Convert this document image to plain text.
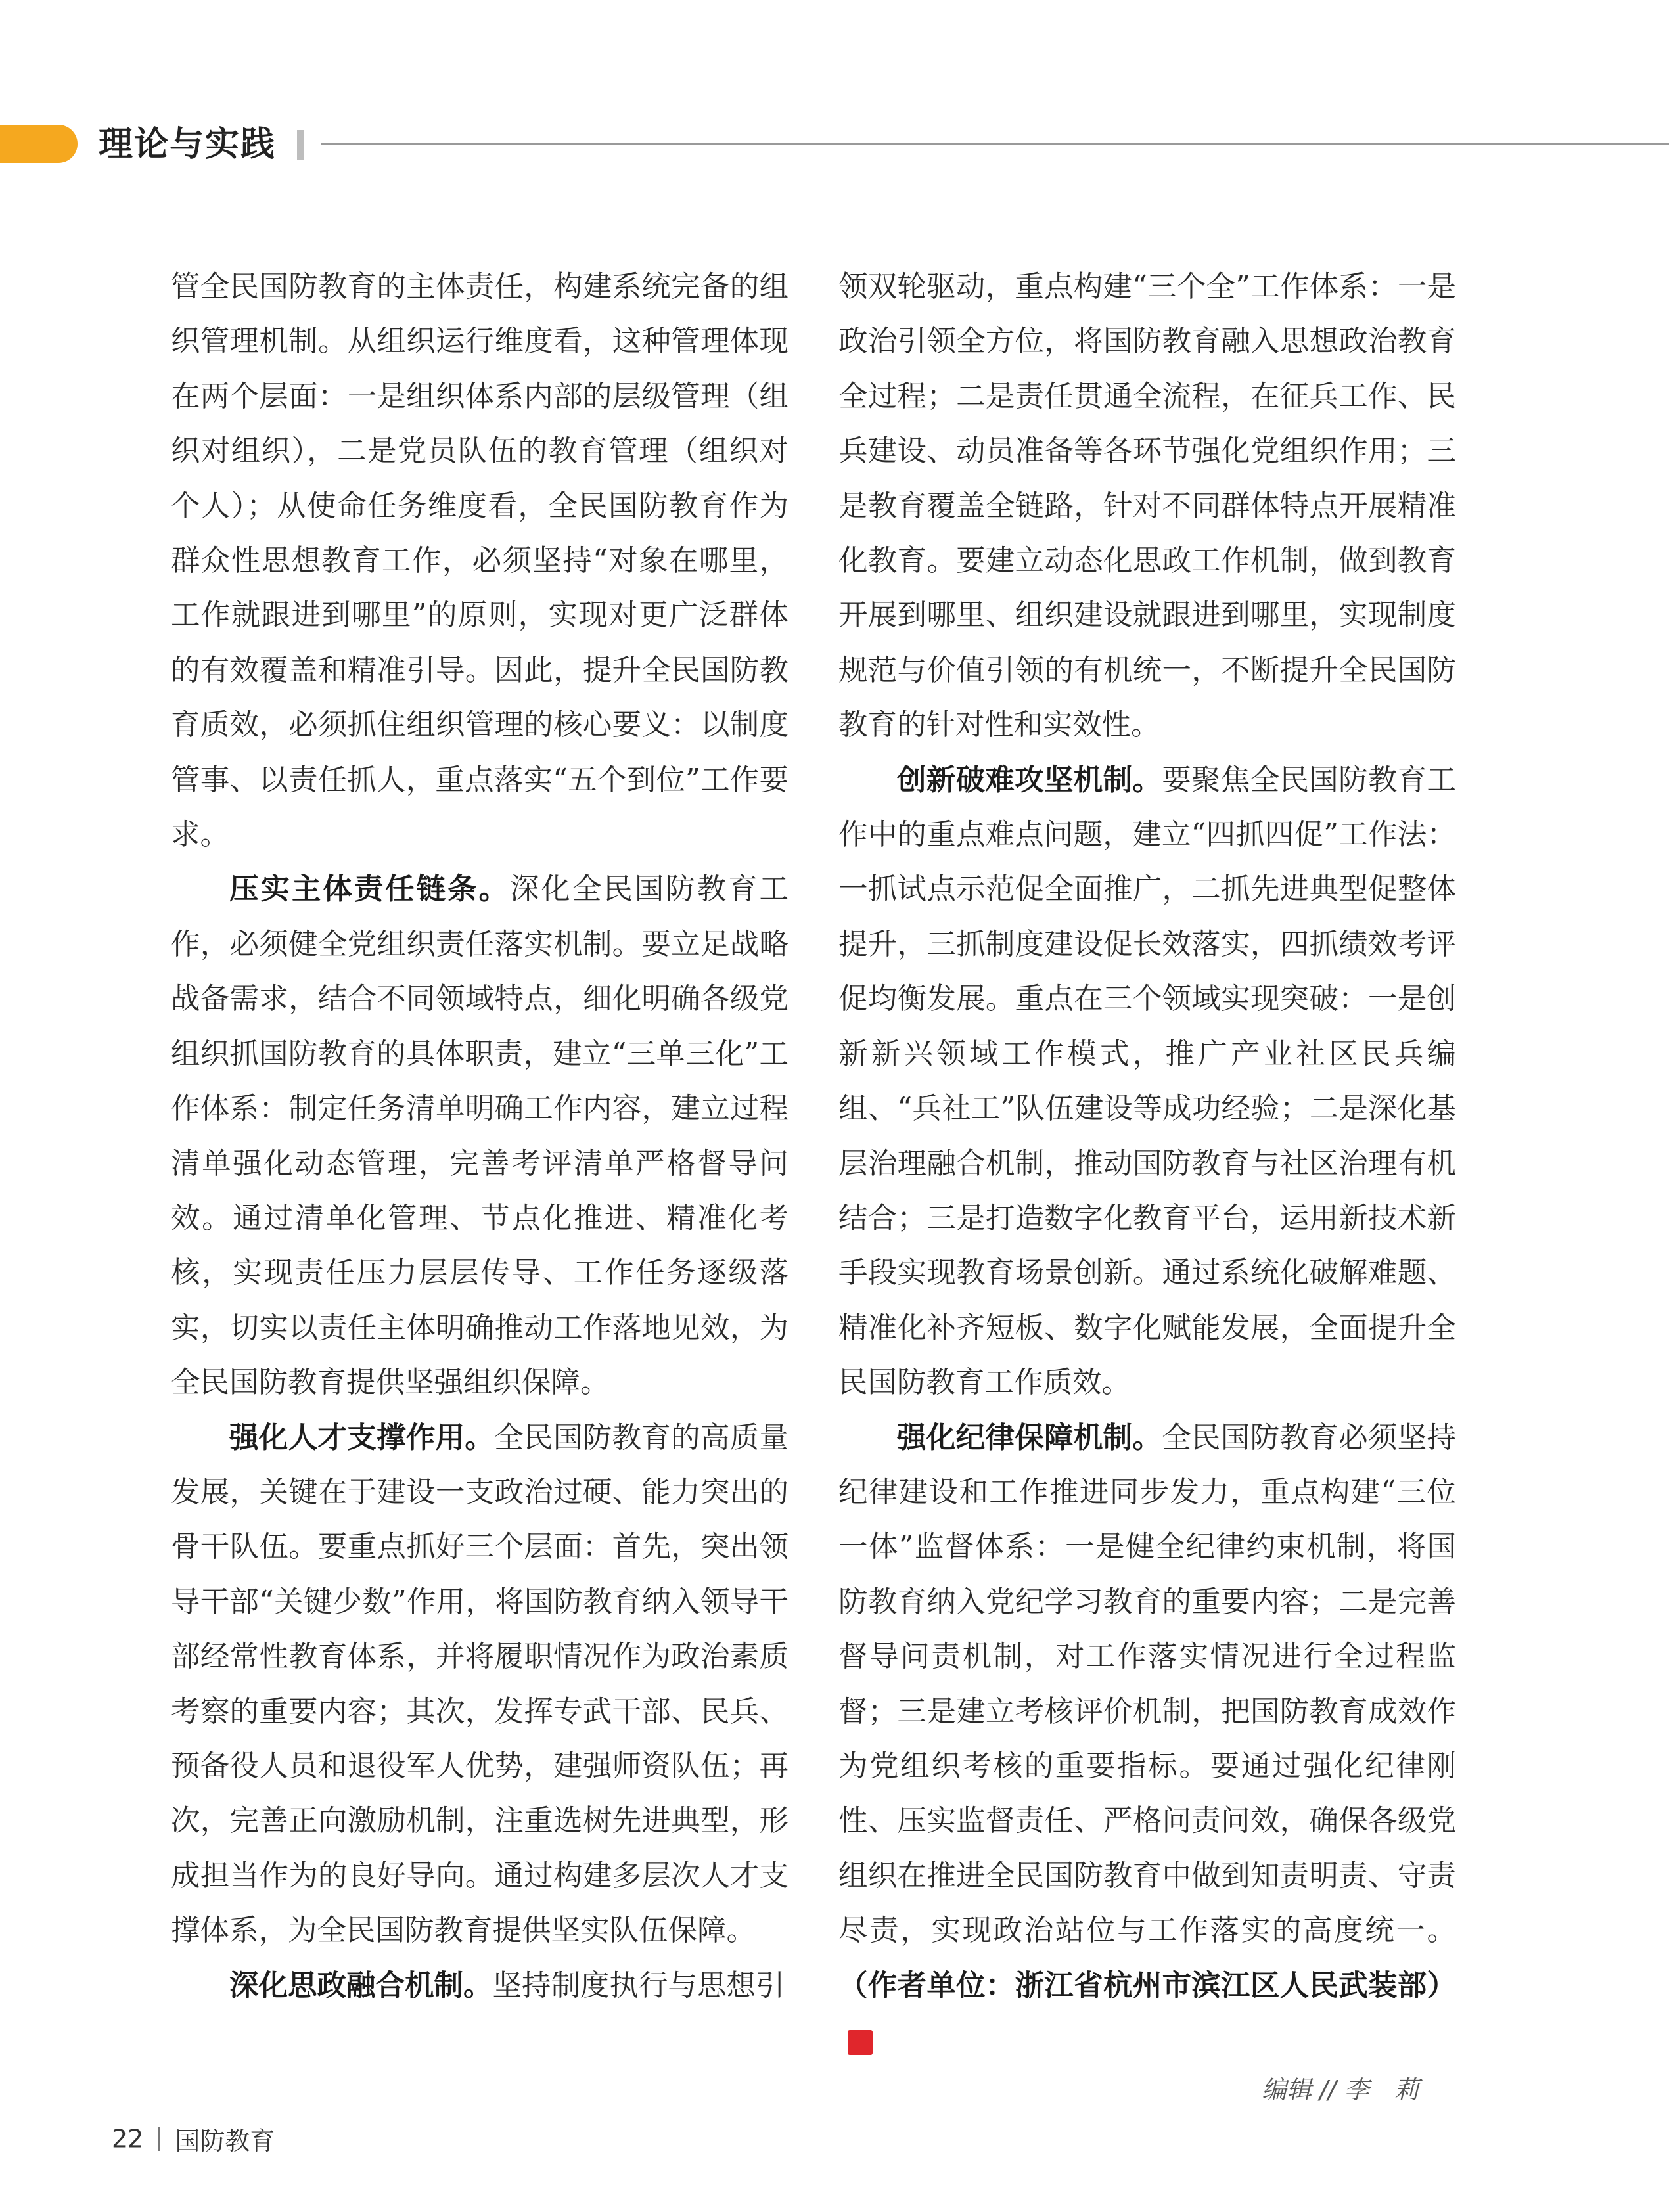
理论与实践

管全民国防教育的主体责任，构建系统完备的组织管理机制。从组织运行维度看，这种管理体现在两个层面：一是组织体系内部的层级管理（组织对组织），二是党员队伍的教育管理（组织对个人）；从使命任务维度看，全民国防教育作为群众性思想教育工作，必须坚持“对象在哪里，工作就跟进到哪里”的原则，实现对更广泛群体的有效覆盖和精准引导。因此，提升全民国防教育质效，必须抓住组织管理的核心要义：以制度管事、以责任抓人，重点落实“五个到位”工作要求。

压实主体责任链条。深化全民国防教育工作，必须健全党组织责任落实机制。要立足战略战备需求，结合不同领域特点，细化明确各级党组织抓国防教育的具体职责，建立“三单三化”工作体系：制定任务清单明确工作内容，建立过程清单强化动态管理，完善考评清单严格督导问效。通过清单化管理、节点化推进、精准化考核，实现责任压力层层传导、工作任务逐级落实，切实以责任主体明确推动工作落地见效，为全民国防教育提供坚强组织保障。

强化人才支撑作用。全民国防教育的高质量发展，关键在于建设一支政治过硬、能力突出的骨干队伍。要重点抓好三个层面：首先，突出领导干部“关键少数”作用，将国防教育纳入领导干部经常性教育体系，并将履职情况作为政治素质考察的重要内容；其次，发挥专武干部、民兵、预备役人员和退役军人优势，建强师资队伍；再次，完善正向激励机制，注重选树先进典型，形成担当作为的良好导向。通过构建多层次人才支撑体系，为全民国防教育提供坚实队伍保障。

深化思政融合机制。坚持制度执行与思想引

领双轮驱动，重点构建“三个全”工作体系：一是政治引领全方位，将国防教育融入思想政治教育全过程；二是责任贯通全流程，在征兵工作、民兵建设、动员准备等各环节强化党组织作用；三是教育覆盖全链路，针对不同群体特点开展精准化教育。要建立动态化思政工作机制，做到教育开展到哪里、组织建设就跟进到哪里，实现制度规范与价值引领的有机统一，不断提升全民国防教育的针对性和实效性。

创新破难攻坚机制。要聚焦全民国防教育工作中的重点难点问题，建立“四抓四促”工作法：一抓试点示范促全面推广，二抓先进典型促整体提升，三抓制度建设促长效落实，四抓绩效考评促均衡发展。重点在三个领域实现突破：一是创新新兴领域工作模式，推广产业社区民兵编组、“兵社工”队伍建设等成功经验；二是深化基层治理融合机制，推动国防教育与社区治理有机结合；三是打造数字化教育平台，运用新技术新手段实现教育场景创新。通过系统化破解难题、精准化补齐短板、数字化赋能发展，全面提升全民国防教育工作质效。

强化纪律保障机制。全民国防教育必须坚持纪律建设和工作推进同步发力，重点构建“三位一体”监督体系：一是健全纪律约束机制，将国防教育纳入党纪学习教育的重要内容；二是完善督导问责机制，对工作落实情况进行全过程监督；三是建立考核评价机制，把国防教育成效作为党组织考核的重要指标。要通过强化纪律刚性、压实监督责任、严格问责问效，确保各级党组织在推进全民国防教育中做到知责明责、守责尽责，实现政治站位与工作落实的高度统一。（作者单位：浙江省杭州市滨江区人民武装部）G

编辑 // 李　莉
22 国防教育
